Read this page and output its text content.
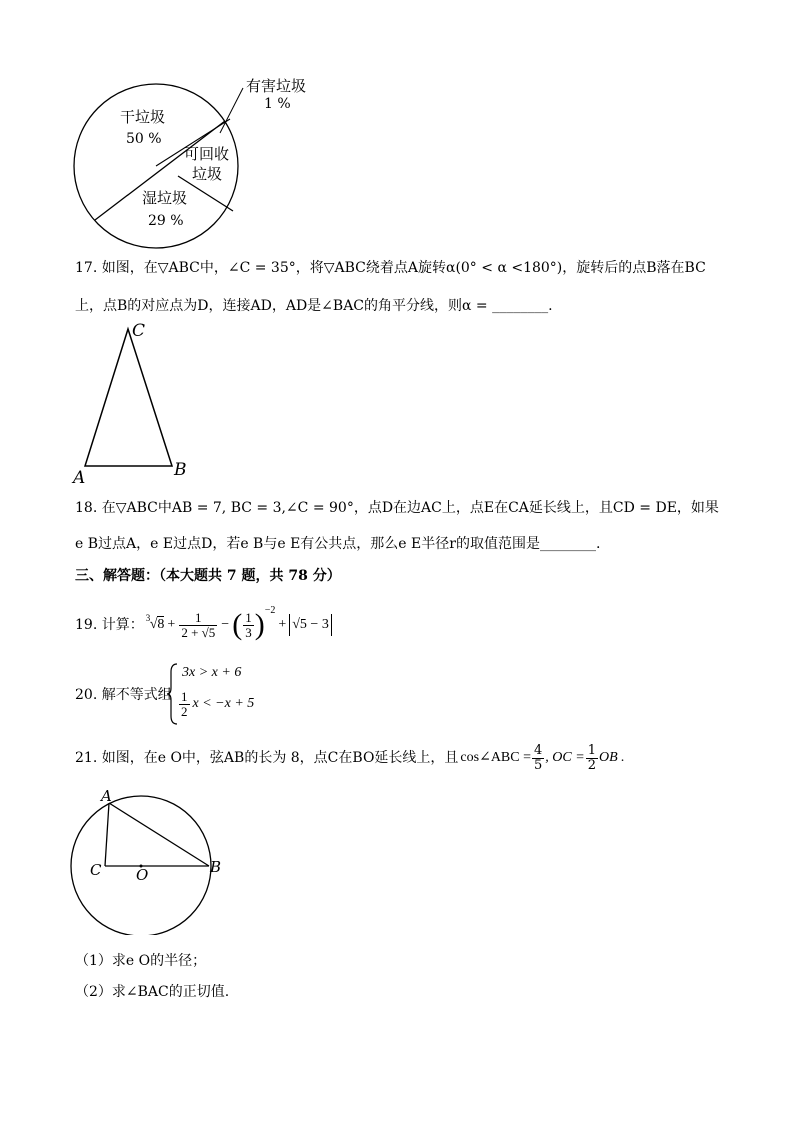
干垃圾
50 %
可回收
垃圾
湿垃圾
29 %
有害垃圾
1 %
17. 如图，在▽ABC中，∠C = 35°，将▽ABC绕着点A旋转α(0° < α <180°)，旋转后的点B落在BC
上，点B的对应点为D，连接AD，AD是∠BAC的角平分线，则α = ________.
C
A	B
18. 在▽ABC中AB = 7, BC = 3,∠C = 90°，点D在边AC上，点E在CA延长线上，且CD = DE，如果
e B过点A，e E过点D，若e B与e E有公共点，那么e E半径r的取值范围是________.
三、解答题：（本大题共 7 题，共 78 分）
19. 计算： 3 $√8 + \frac{1}{2 + √5}$ − ( $\frac{1}{3} )^{-2}$
+ √5 − 3
20. 解不等式组
3x > x + 6
$\frac{1}{2}$ x < −x + 5
21. 如图，在e O中，弦AB的长为 8，点C在BO延长线上，且 cos∠ABC = $\frac{4}{5}$ , OC = $\frac{1}{2}$ OB .
A
B
C O
（1）求e O的半径；
（2）求∠BAC的正切值.
